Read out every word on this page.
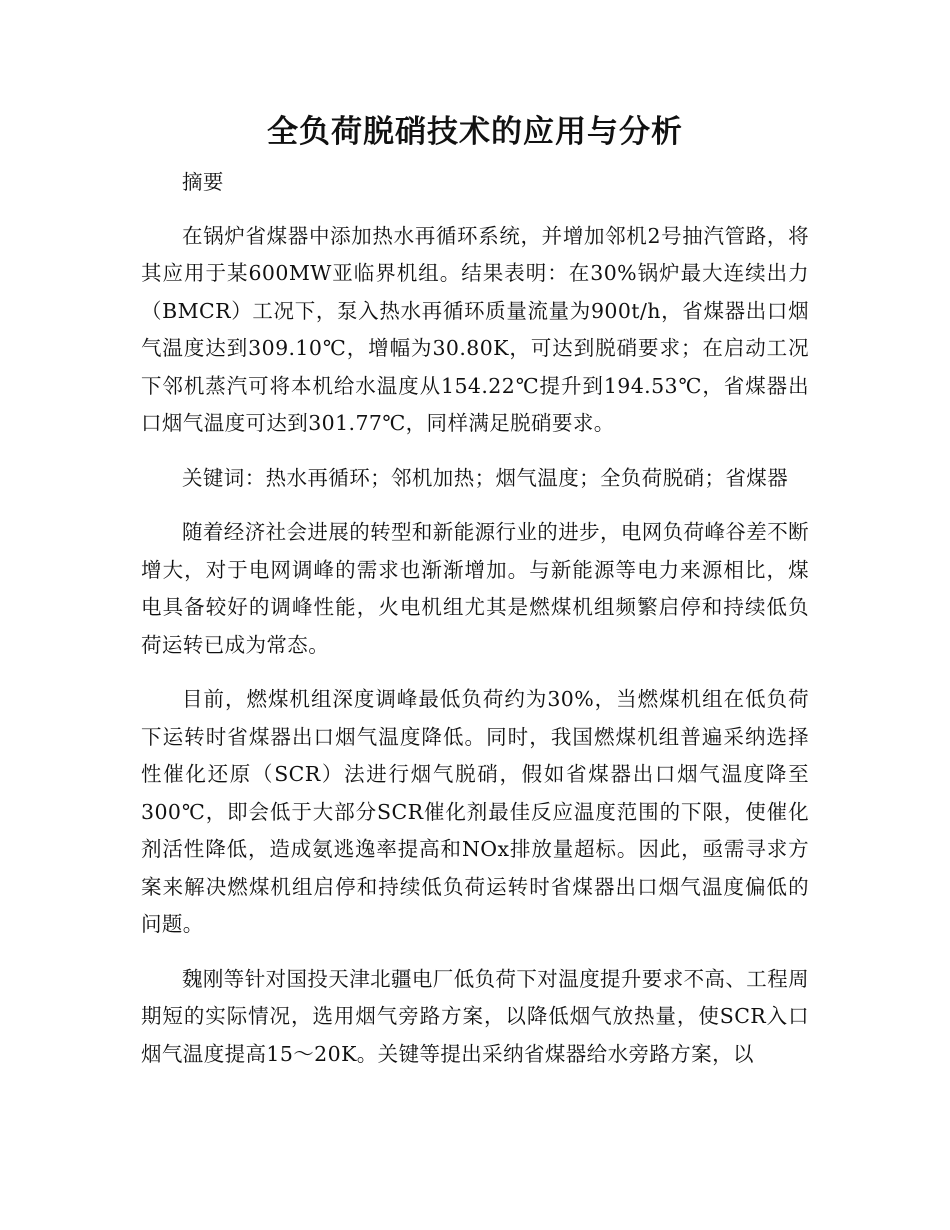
全负荷脱硝技术的应用与分析

摘要

在锅炉省煤器中添加热水再循环系统，并增加邻机2号抽汽管路，将其应用于某600MW亚临界机组。结果表明：在30%锅炉最大连续出力（BMCR）工况下，泵入热水再循环质量流量为900t/h，省煤器出口烟气温度达到309.10℃，增幅为30.80K，可达到脱硝要求；在启动工况下邻机蒸汽可将本机给水温度从154.22℃提升到194.53℃，省煤器出口烟气温度可达到301.77℃，同样满足脱硝要求。

关键词：热水再循环；邻机加热；烟气温度；全负荷脱硝；省煤器

随着经济社会进展的转型和新能源行业的进步，电网负荷峰谷差不断增大，对于电网调峰的需求也渐渐增加。与新能源等电力来源相比，煤电具备较好的调峰性能，火电机组尤其是燃煤机组频繁启停和持续低负荷运转已成为常态。

目前，燃煤机组深度调峰最低负荷约为30%，当燃煤机组在低负荷下运转时省煤器出口烟气温度降低。同时，我国燃煤机组普遍采纳选择性催化还原（SCR）法进行烟气脱硝，假如省煤器出口烟气温度降至300℃，即会低于大部分SCR催化剂最佳反应温度范围的下限，使催化剂活性降低，造成氨逃逸率提高和NOx排放量超标。因此，亟需寻求方案来解决燃煤机组启停和持续低负荷运转时省煤器出口烟气温度偏低的问题。

魏刚等针对国投天津北疆电厂低负荷下对温度提升要求不高、工程周期短的实际情况，选用烟气旁路方案，以降低烟气放热量，使SCR入口烟气温度提高15～20K。关键等提出采纳省煤器给水旁路方案，以
